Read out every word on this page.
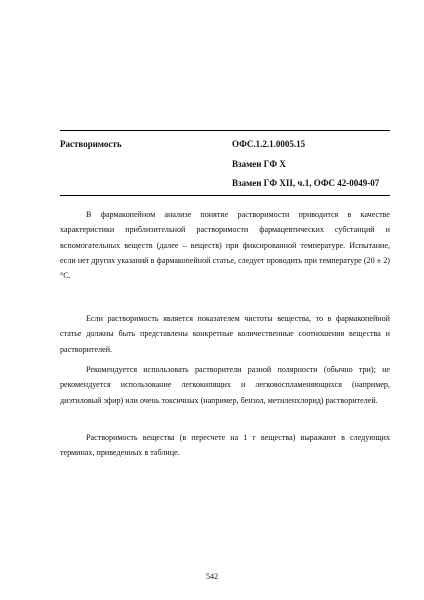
Растворимость	ОФС.1.2.1.0005.15
Взамен ГФ X
Взамен ГФ XII, ч.1, ОФС 42-0049-07

В фармакопейном анализе понятие растворимости приводится в качестве характеристики приблизительной растворимости фармацевтических субстанций и вспомогательных веществ (далее – веществ) при фиксированной температуре. Испытание, если нет других указаний в фармакопейной статье, следует проводить при температуре (20 ± 2) °С.

Если растворимость является показателем чистоты вещества, то в фармакопейной статье должны быть представлены конкретные количественные соотношения вещества и растворителей.

Рекомендуется использовать растворители разной полярности (обычно три); не рекомендуется использование легкокипящих и легковоспламеняющихся (например, диэтиловый эфир) или очень токсичных (например, бензол, метиленхлорид) растворителей.

Растворимость вещества (в пересчете на 1 г вещества) выражают в следующих терминах, приведенных в таблице.

542
